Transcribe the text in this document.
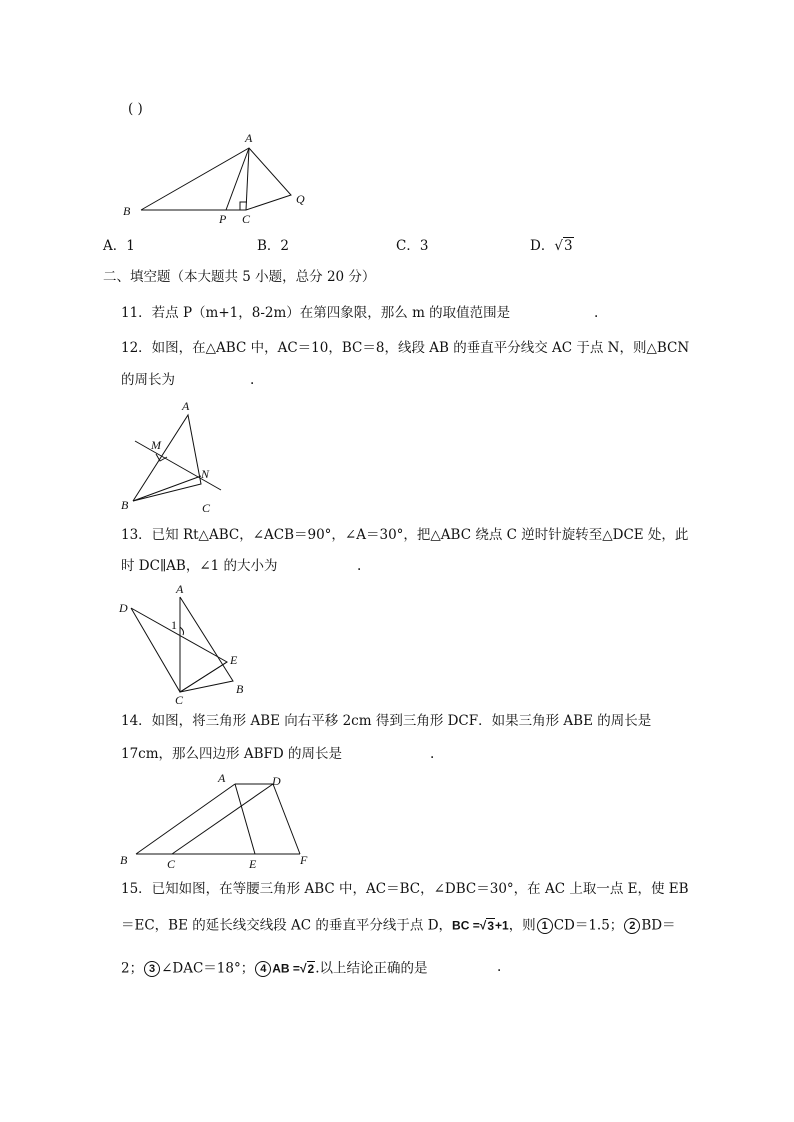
( )
A
B
P C
Q
A．1	B．2	C．3	D．√3
二、填空题（本大题共 5 小题，总分 20 分）
11．若点 P（m+1，8-2m）在第四象限，那么 m 的取值范围是	.
12．如图，在△ABC 中，AC＝10，BC＝8，线段 AB 的垂直平分线交 AC 于点 N，则△BCN
的周长为	.
A
M
N
B	C
13．已知 Rt△ABC，∠ACB＝90°，∠A＝30°，把△ABC 绕点 C 逆时针旋转至△DCE 处，此
时 DC∥AB，∠1 的大小为	.
A
D
1
E
C
B
14．如图，将三角形 ABE 向右平移 2cm 得到三角形 DCF．如果三角形 ABE 的周长是
17cm，那么四边形 ABFD 的周长是	.
A	D
B	C	E	F
15．已知如图，在等腰三角形 ABC 中，AC＝BC，∠DBC＝30°，在 AC 上取一点 E，使 EB
＝EC，BE 的延长线交线段 AC 的垂直平分线于点 D，BC =√3+1，则 1 CD＝1.5； 2 BD＝
2； 3 ∠DAC＝18°； 4 AB =√2.以上结论正确的是	.
